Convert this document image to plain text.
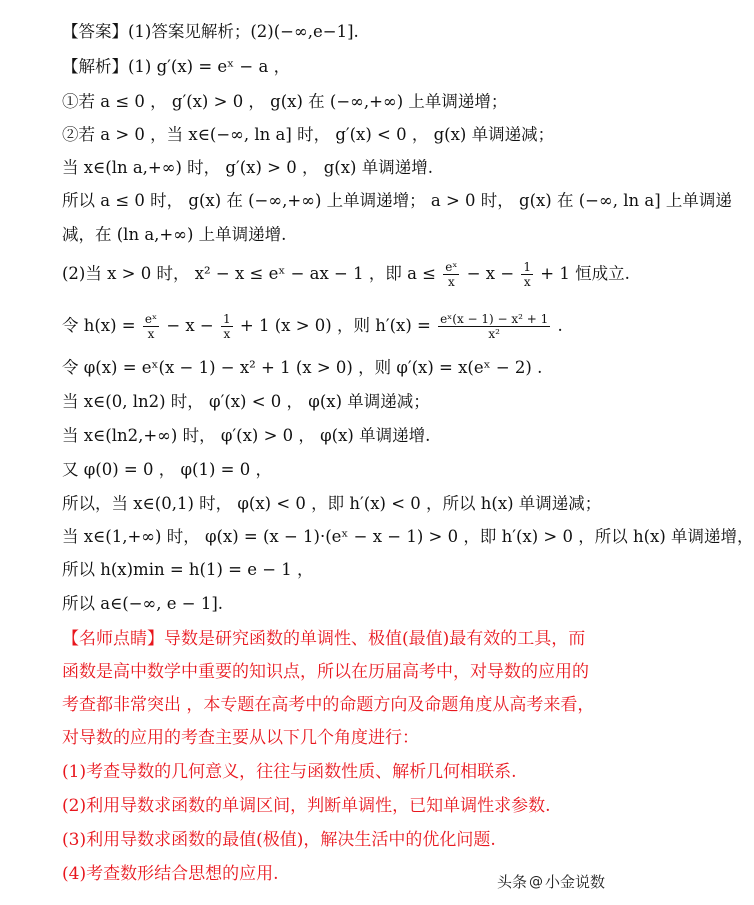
【答案】(1)答案见解析；(2)(−∞,e−1].
【解析】(1) g′(x) = eˣ − a ，
①若 a ≤ 0 ， g′(x) > 0 ， g(x) 在 (−∞,+∞) 上单调递增；
②若 a > 0 ，当 x∈(−∞, ln a] 时， g′(x) < 0 ， g(x) 单调递减；
当 x∈(ln a,+∞) 时， g′(x) > 0 ， g(x) 单调递增.
所以 a ≤ 0 时， g(x) 在 (−∞,+∞) 上单调递增； a > 0 时， g(x) 在 (−∞, ln a] 上单调递
减，在 (ln a,+∞) 上单调递增.
(2)当 x > 0 时， x² − x ≤ eˣ − ax − 1 ，即 $a \le \frac{\text{eˣ}}{x} - x - \frac{1}{x} + 1$ 恒成立.
令 $h(x) = \frac{\text{eˣ}}{x} - x - \frac{1}{x} + 1$ (x > 0) ，则 $h'(x) = \frac{\text{eˣ(x − 1) − x² + 1}}{\text{x²}}$ .
令 φ(x) = eˣ(x − 1) − x² + 1 (x > 0) ，则 φ′(x) = x(eˣ − 2) .
当 x∈(0, ln2) 时， φ′(x) < 0 ， φ(x) 单调递减；
当 x∈(ln2,+∞) 时， φ′(x) > 0 ， φ(x) 单调递增.
又 φ(0) = 0 ， φ(1) = 0 ，
所以，当 x∈(0,1) 时， φ(x) < 0 ，即 h′(x) < 0 ，所以 h(x) 单调递减；
当 x∈(1,+∞) 时， φ(x) = (x − 1)·(eˣ − x − 1) > 0 ，即 h′(x) > 0 ，所以 h(x) 单调递增，
所以 h(x)min = h(1) = e − 1 ，
所以 a∈(−∞, e − 1].
【名师点睛】导数是研究函数的单调性、极值(最值)最有效的工具，而
函数是高中数学中重要的知识点，所以在历届高考中，对导数的应用的
考查都非常突出 ，本专题在高考中的命题方向及命题角度从高考来看，
对导数的应用的考查主要从以下几个角度进行：
(1)考查导数的几何意义，往往与函数性质、解析几何相联系.
(2)利用导数求函数的单调区间，判断单调性，已知单调性求参数.
(3)利用导数求函数的最值(极值)，解决生活中的优化问题.
(4)考查数形结合思想的应用.	头条 @ 小金说数
